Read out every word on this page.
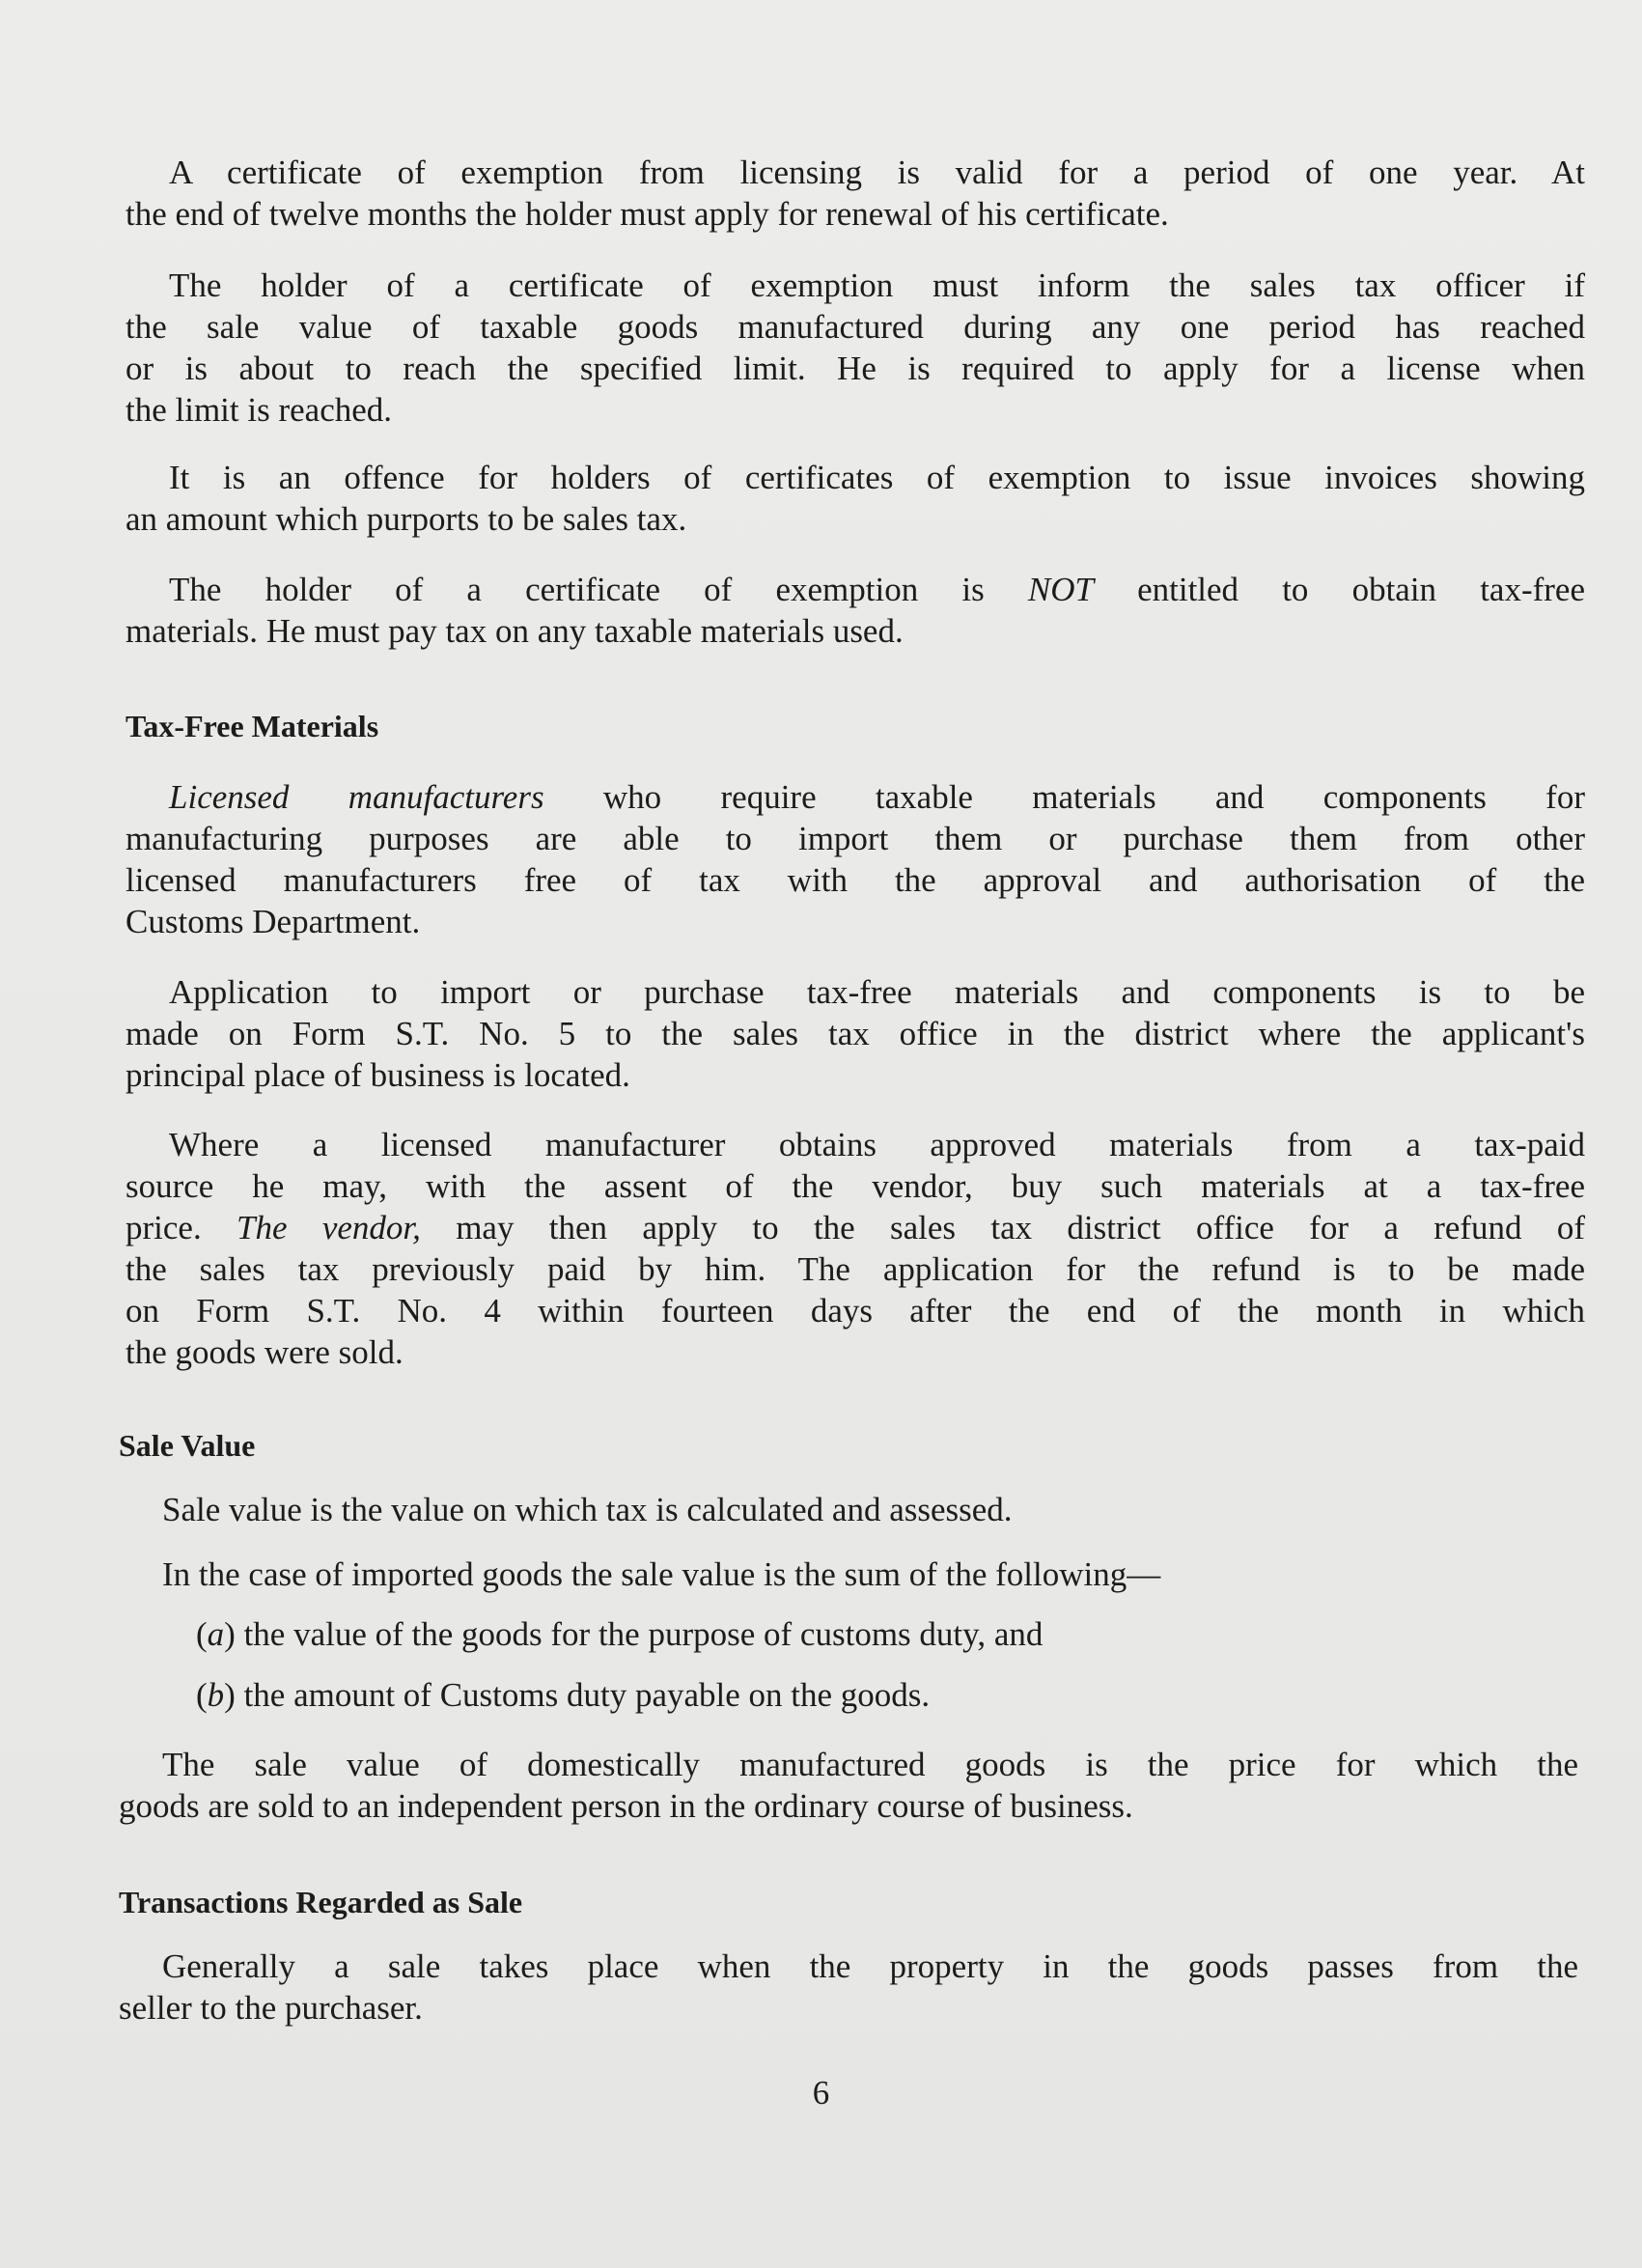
A certificate of exemption from licensing is valid for a period of one year. At
the end of twelve months the holder must apply for renewal of his certificate.
The holder of a certificate of exemption must inform the sales tax officer if
the sale value of taxable goods manufactured during any one period has reached
or is about to reach the specified limit. He is required to apply for a license when
the limit is reached.
It is an offence for holders of certificates of exemption to issue invoices showing
an amount which purports to be sales tax.
The holder of a certificate of exemption is NOT entitled to obtain tax-free
materials. He must pay tax on any taxable materials used.
Tax-Free Materials
Licensed manufacturers who require taxable materials and components for
manufacturing purposes are able to import them or purchase them from other
licensed manufacturers free of tax with the approval and authorisation of the
Customs Department.
Application to import or purchase tax-free materials and components is to be
made on Form S.T. No. 5 to the sales tax office in the district where the applicant's
principal place of business is located.
Where a licensed manufacturer obtains approved materials from a tax-paid
source he may, with the assent of the vendor, buy such materials at a tax-free
price. The vendor, may then apply to the sales tax district office for a refund of
the sales tax previously paid by him. The application for the refund is to be made
on Form S.T. No. 4 within fourteen days after the end of the month in which
the goods were sold.
Sale Value
Sale value is the value on which tax is calculated and assessed.
In the case of imported goods the sale value is the sum of the following—
(a) the value of the goods for the purpose of customs duty, and
(b) the amount of Customs duty payable on the goods.
The sale value of domestically manufactured goods is the price for which the
goods are sold to an independent person in the ordinary course of business.
Transactions Regarded as Sale
Generally a sale takes place when the property in the goods passes from the
seller to the purchaser.
6
